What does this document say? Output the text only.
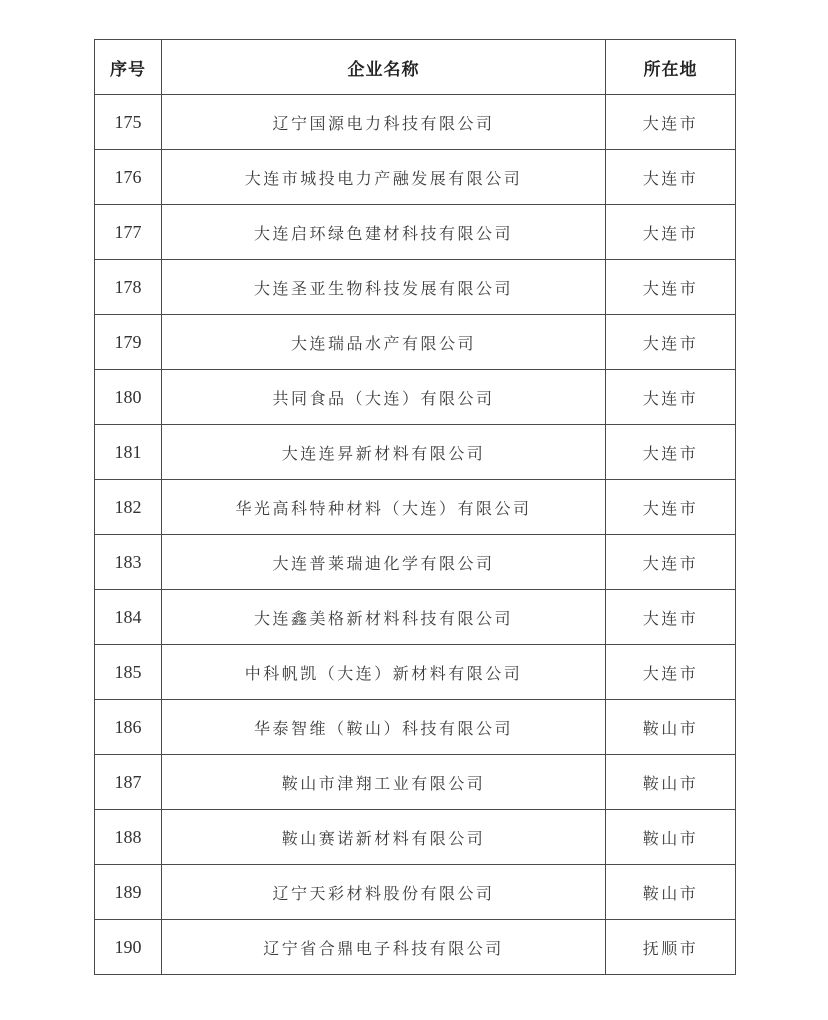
序号	企业名称	所在地
175	辽宁国源电力科技有限公司	大连市
176	大连市城投电力产融发展有限公司	大连市
177	大连启环绿色建材科技有限公司	大连市
178	大连圣亚生物科技发展有限公司	大连市
179	大连瑞品水产有限公司	大连市
180	共同食品（大连）有限公司	大连市
181	大连连昇新材料有限公司	大连市
182	华光高科特种材料（大连）有限公司	大连市
183	大连普莱瑞迪化学有限公司	大连市
184	大连鑫美格新材料科技有限公司	大连市
185	中科帆凯（大连）新材料有限公司	大连市
186	华泰智维（鞍山）科技有限公司	鞍山市
187	鞍山市津翔工业有限公司	鞍山市
188	鞍山赛诺新材料有限公司	鞍山市
189	辽宁天彩材料股份有限公司	鞍山市
190	辽宁省合鼎电子科技有限公司	抚顺市
